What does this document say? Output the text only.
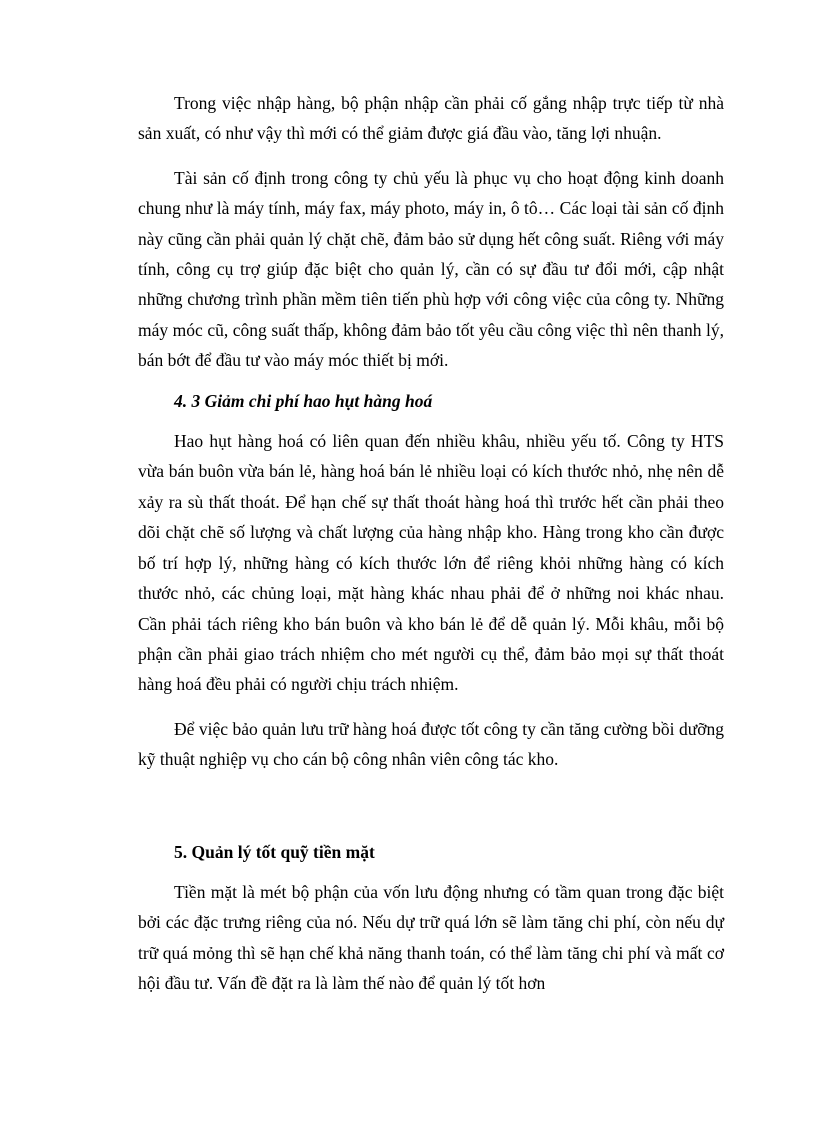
Trong việc nhập hàng, bộ phận nhập cần phải cố gắng nhập trực tiếp từ nhà sản xuất, có như vậy thì mới có thể giảm được giá đầu vào, tăng lợi nhuận.

Tài sản cố định trong công ty chủ yếu là phục vụ cho hoạt động kinh doanh chung như là máy tính, máy fax, máy photo, máy in, ô tô… Các loại tài sản cố định này cũng cần phải quản lý chặt chẽ, đảm bảo sử dụng hết công suất. Riêng với máy tính, công cụ trợ giúp đặc biệt cho quản lý, cần có sự đầu tư đổi mới, cập nhật những chương trình phần mềm tiên tiến phù hợp với công việc của công ty. Những máy móc cũ, công suất thấp, không đảm bảo tốt yêu cầu công việc thì nên thanh lý, bán bớt để đầu tư vào máy móc thiết bị mới.

4. 3 Giảm chi phí hao hụt hàng hoá

Hao hụt hàng hoá có liên quan đến nhiều khâu, nhiều yếu tố. Công ty HTS vừa bán buôn vừa bán lẻ, hàng hoá bán lẻ nhiều loại có kích thước nhỏ, nhẹ nên dễ xảy ra sù thất thoát. Để hạn chế sự thất thoát hàng hoá thì trước hết cần phải theo dõi chặt chẽ số lượng và chất lượng của hàng nhập kho. Hàng trong kho cần được bố trí hợp lý, những hàng có kích thước lớn để riêng khỏi những hàng có kích thước nhỏ, các chủng loại, mặt hàng khác nhau phải để ở những noi khác nhau. Cần phải tách riêng kho bán buôn và kho bán lẻ để dễ quản lý. Mỗi khâu, mỗi bộ phận cần phải giao trách nhiệm cho mét người cụ thể, đảm bảo mọi sự thất thoát hàng hoá đều phải có người chịu trách nhiệm.

Để việc bảo quản lưu trữ hàng hoá được tốt công ty cần tăng cường bồi dưỡng kỹ thuật nghiệp vụ cho cán bộ công nhân viên công tác kho.

5. Quản lý tốt quỹ tiền mặt

Tiền mặt là mét bộ phận của vốn lưu động nhưng có tầm quan trong đặc biệt bởi các đặc trưng riêng của nó. Nếu dự trữ quá lớn sẽ làm tăng chi phí, còn nếu dự trữ quá mỏng thì sẽ hạn chế khả năng thanh toán, có thể làm tăng chi phí và mất cơ hội đầu tư. Vấn đề đặt ra là làm thế nào để quản lý tốt hơn
